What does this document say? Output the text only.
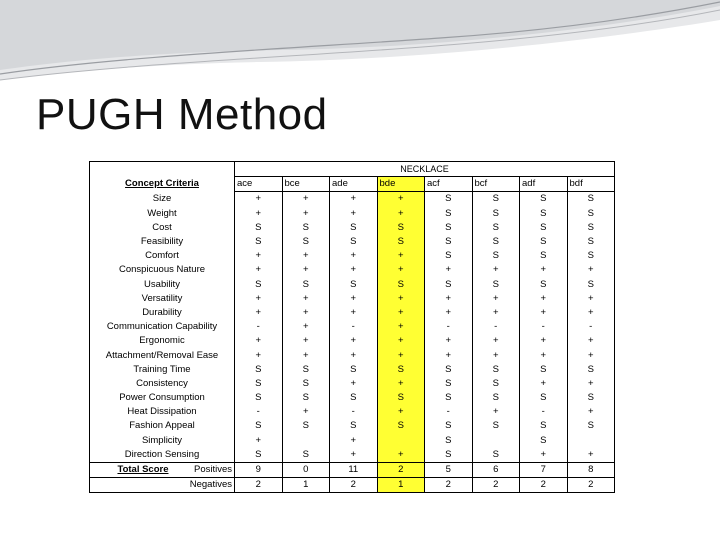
PUGH Method
	NECKLACE							
Concept Criteria	ace	bce	ade	bde	acf	bcf	adf	bdf
Size	+	+	+	+	S	S	S	S
Weight	+	+	+	+	S	S	S	S
Cost	S	S	S	S	S	S	S	S
Feasibility	S	S	S	S	S	S	S	S
Comfort	+	+	+	+	S	S	S	S
Conspicuous Nature	+	+	+	+	+	+	+	+
Usability	S	S	S	S	S	S	S	S
Versatility	+	+	+	+	+	+	+	+
Durability	+	+	+	+	+	+	+	+
Communication Capability	-	+	-	+	-	-	-	-
Ergonomic	+	+	+	+	+	+	+	+
Attachment/Removal Ease	+	+	+	+	+	+	+	+
Training Time	S	S	S	S	S	S	S	S
Consistency	S	S	+	+	S	S	+	+
Power Consumption	S	S	S	S	S	S	S	S
Heat Dissipation	-	+	-	+	-	+	-	+
Fashion Appeal	S	S	S	S	S	S	S	S
Simplicity	+		+		S		S	
Direction Sensing	S	S	+	+	S	S	+	+
Total Score Positives	9	0	11	2	5	6	7	8
Negatives	2	1	2	1	2	2	2	2
